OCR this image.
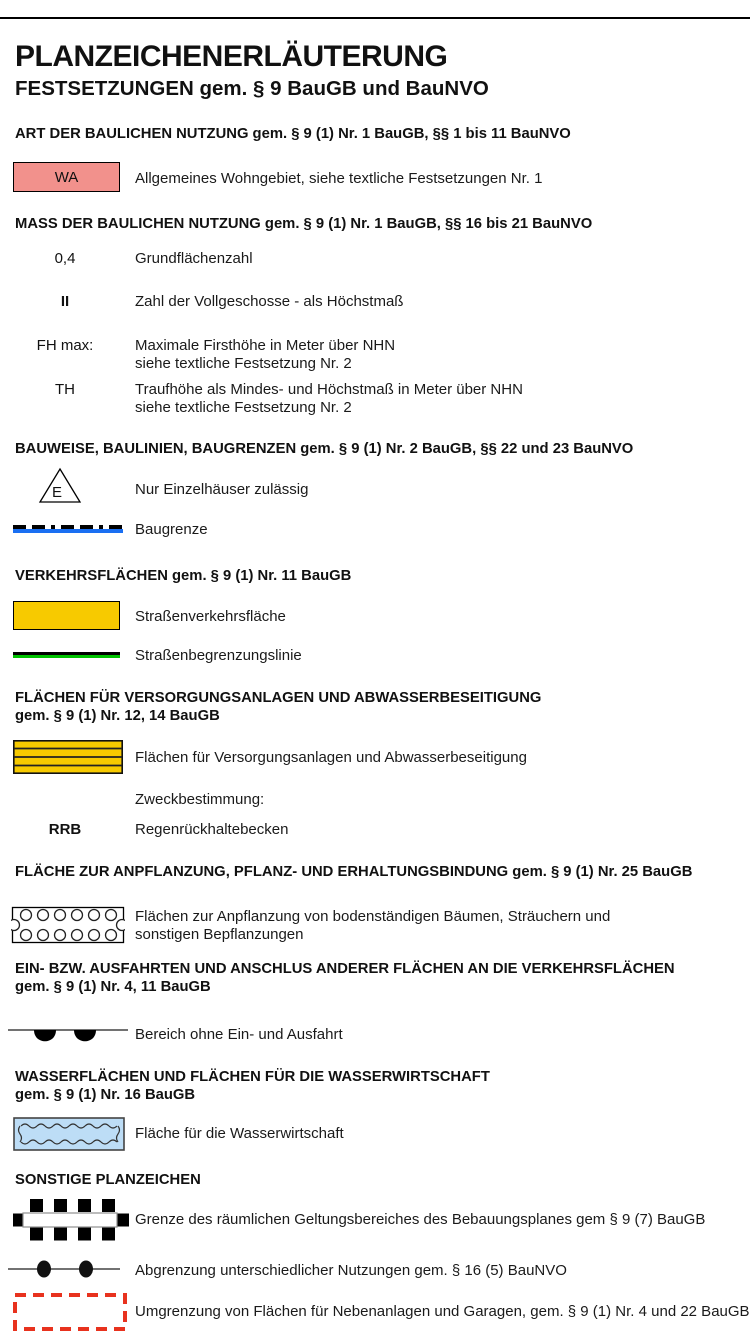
PLANZEICHENERLÄUTERUNG
FESTSETZUNGEN gem. § 9 BauGB und BauNVO
ART DER BAULICHEN NUTZUNG gem. § 9 (1) Nr. 1 BauGB, §§ 1 bis 11 BauNVO
WA	Allgemeines Wohngebiet, siehe textliche Festsetzungen Nr. 1
MASS DER BAULICHEN NUTZUNG gem. § 9 (1) Nr. 1 BauGB, §§ 16 bis 21 BauNVO
0,4	Grundflächenzahl
II	Zahl der Vollgeschosse - als Höchstmaß
FH max:	Maximale Firsthöhe in Meter über NHN
siehe textliche Festsetzung Nr. 2
TH	Traufhöhe als Mindes- und Höchstmaß in Meter über NHN
siehe textliche Festsetzung Nr. 2
BAUWEISE, BAULINIEN, BAUGRENZEN gem. § 9 (1) Nr. 2 BauGB, §§ 22 und 23 BauNVO
E	Nur Einzelhäuser zulässig
Baugrenze
VERKEHRSFLÄCHEN gem. § 9 (1) Nr. 11 BauGB
Straßenverkehrsfläche
Straßenbegrenzungslinie
FLÄCHEN FÜR VERSORGUNGSANLAGEN UND ABWASSERBESEITIGUNG
gem. § 9 (1) Nr. 12, 14 BauGB
Flächen für Versorgungsanlagen und Abwasserbeseitigung
Zweckbestimmung:
RRB	Regenrückhaltebecken
FLÄCHE ZUR ANPFLANZUNG, PFLANZ- UND ERHALTUNGSBINDUNG gem. § 9 (1) Nr. 25 BauGB
Flächen zur Anpflanzung von bodenständigen Bäumen, Sträuchern und
sonstigen Bepflanzungen
EIN- BZW. AUSFAHRTEN UND ANSCHLUS ANDERER FLÄCHEN AN DIE VERKEHRSFLÄCHEN
gem. § 9 (1) Nr. 4, 11 BauGB
Bereich ohne Ein- und Ausfahrt
WASSERFLÄCHEN UND FLÄCHEN FÜR DIE WASSERWIRTSCHAFT
gem. § 9 (1) Nr. 16 BauGB
Fläche für die Wasserwirtschaft
SONSTIGE PLANZEICHEN
Grenze des räumlichen Geltungsbereiches des Bebauungsplanes gem § 9 (7) BauGB
Abgrenzung unterschiedlicher Nutzungen gem. § 16 (5) BauNVO
Umgrenzung von Flächen für Nebenanlagen und Garagen, gem. § 9 (1) Nr. 4 und 22 BauGB
